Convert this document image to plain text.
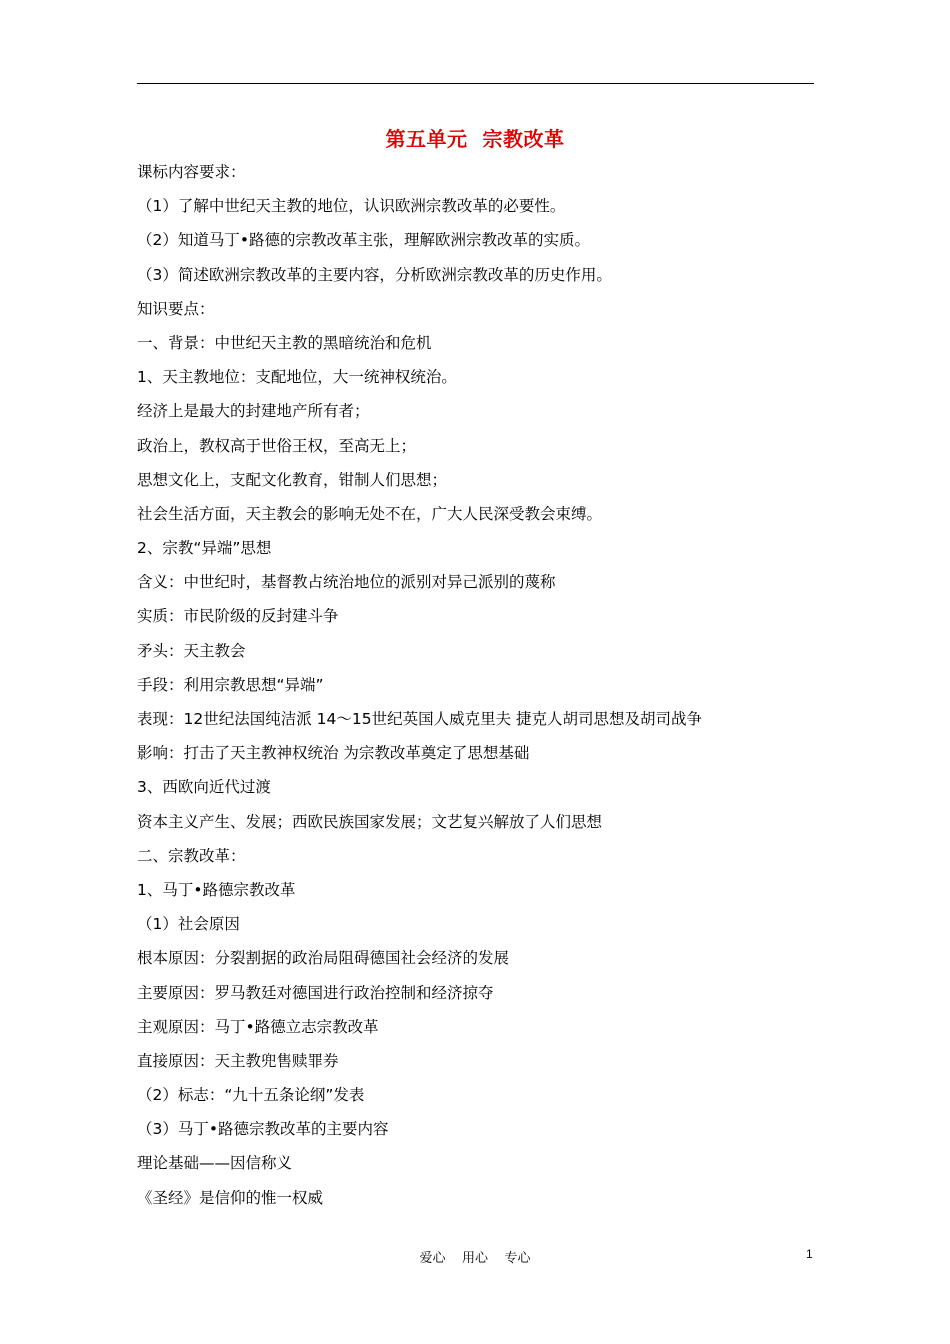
第五单元  宗教改革
课标内容要求：
（1）了解中世纪天主教的地位，认识欧洲宗教改革的必要性。
（2）知道马丁•路德的宗教改革主张，理解欧洲宗教改革的实质。
（3）简述欧洲宗教改革的主要内容，分析欧洲宗教改革的历史作用。
知识要点：
一、背景：中世纪天主教的黑暗统治和危机
1、天主教地位：支配地位，大一统神权统治。
经济上是最大的封建地产所有者；
政治上，教权高于世俗王权，至高无上；
思想文化上，支配文化教育，钳制人们思想；
社会生活方面，天主教会的影响无处不在，广大人民深受教会束缚。
2、宗教“异端”思想
含义：中世纪时，基督教占统治地位的派别对异己派别的蔑称
实质：市民阶级的反封建斗争
矛头：天主教会
手段：利用宗教思想“异端”
表现：12世纪法国纯洁派 14～15世纪英国人威克里夫 捷克人胡司思想及胡司战争
影响：打击了天主教神权统治 为宗教改革奠定了思想基础
3、西欧向近代过渡
资本主义产生、发展；西欧民族国家发展；文艺复兴解放了人们思想
二、宗教改革：
1、马丁•路德宗教改革
（1）社会原因
根本原因：分裂割据的政治局阻碍德国社会经济的发展
主要原因：罗马教廷对德国进行政治控制和经济掠夺
主观原因：马丁•路德立志宗教改革
直接原因：天主教兜售赎罪券
（2）标志：“九十五条论纲”发表
（3）马丁•路德宗教改革的主要内容
理论基础——因信称义
《圣经》是信仰的惟一权威
爱心    用心    专心	1
